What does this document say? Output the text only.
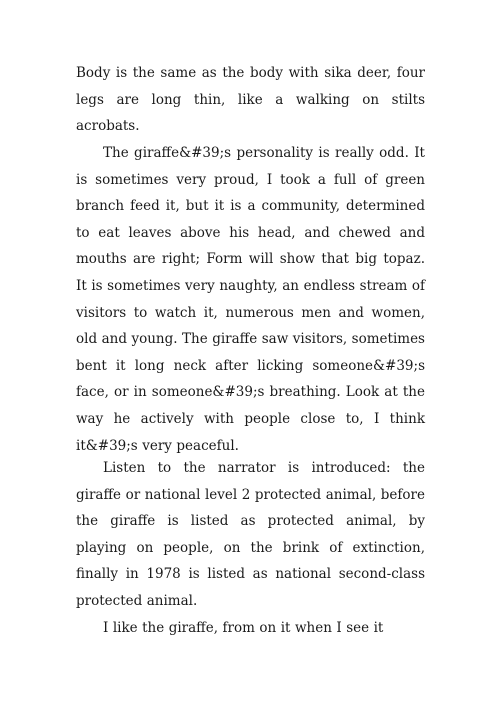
Body is the same as the body with sika deer, four legs are long thin, like a walking on stilts acrobats.

The giraffe&#39;s personality is really odd. It is sometimes very proud, I took a full of green branch feed it, but it is a community, determined to eat leaves above his head, and chewed and mouths are right; Form will show that big topaz. It is sometimes very naughty, an endless stream of visitors to watch it, numerous men and women, old and young. The giraffe saw visitors, sometimes bent it long neck after licking someone&#39;s face, or in someone&#39;s breathing. Look at the way he actively with people close to, I think it&#39;s very peaceful.

Listen to the narrator is introduced: the giraffe or national level 2 protected animal, before the giraffe is listed as protected animal, by playing on people, on the brink of extinction, finally in 1978 is listed as national second-class protected animal.

I like the giraffe, from on it when I see it
